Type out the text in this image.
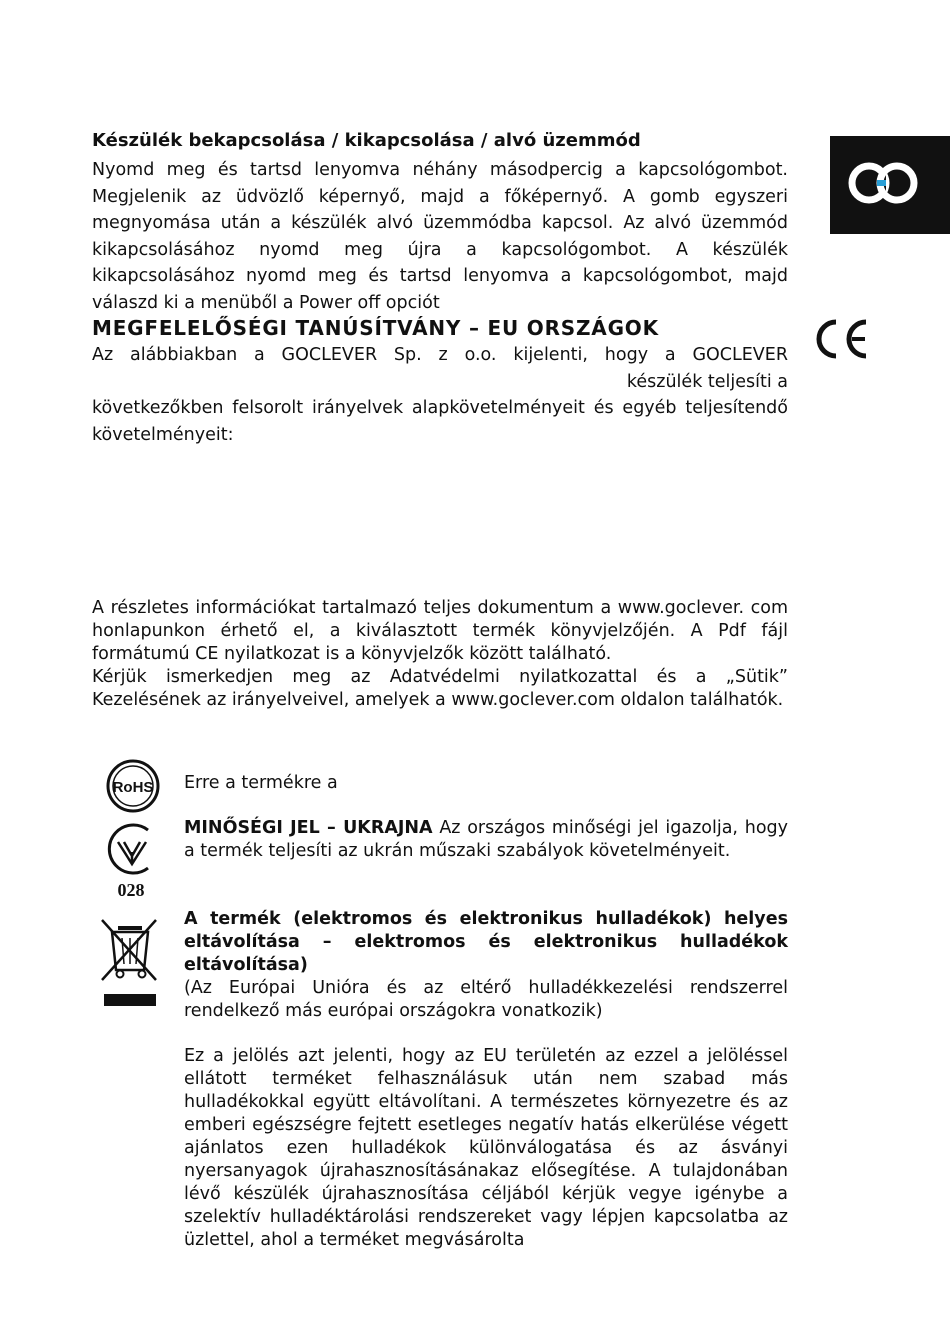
Készülék bekapcsolása / kikapcsolása / alvó üzemmód

Nyomd meg és tartsd lenyomva néhány másodpercig a kapcsológombot. Megjelenik az üdvözlő képernyő, majd a főképernyő. A gomb egyszeri megnyomása után a készülék alvó üzemmódba kapcsol. Az alvó üzemmód kikapcsolásához nyomd meg újra a kapcsológombot. A készülék kikapcsolásához nyomd meg és tartsd lenyomva a kapcsológombot, majd válaszd ki a menüből a Power off opciót

MEGFELELŐSÉGI TANÚSÍTVÁNY – EU ORSZÁGOK
Az alábbiakban a GOCLEVER Sp. z o.o. kijelenti, hogy a GOCLEVER
készülék teljesíti a
következőkben felsorolt irányelvek alapkövetelményeit és egyéb teljesítendő követelményeit:
A részletes információkat tartalmazó teljes dokumentum a www.goclever. com honlapunkon érhető el, a kiválasztott termék könyvjelzőjén. A Pdf fájl formátumú CE nyilatkozat is a könyvjelzők között található.
Kérjük ismerkedjen meg az Adatvédelmi nyilatkozattal és a „Sütik” Kezelésének az irányelveivel, amelyek a www.goclever.com oldalon találhatók.
RoHS Erre a termékre a

028

MINŐSÉGI JEL – UKRAJNA Az országos minőségi jel igazolja, hogy a termék teljesíti az ukrán műszaki szabályok követelményeit.

A termék (elektromos és elektronikus hulladékok) helyes eltávolítása – elektromos és elektronikus hulladékok eltávolítása)

(Az Európai Unióra és az eltérő hulladékkezelési rendszerrel rendelkező más európai országokra vonatkozik)

Ez a jelölés azt jelenti, hogy az EU területén az ezzel a jelöléssel ellátott terméket felhasználásuk után nem szabad más hulladékokkal együtt eltávolítani. A természetes környezetre és az emberi egészségre fejtett esetleges negatív hatás elkerülése végett ajánlatos ezen hulladékok különválogatása és az ásványi nyersanyagok újrahasznosításánakaz elősegítése. A tulajdonában lévő készülék újrahasznosítása céljából kérjük vegye igénybe a szelektív hulladéktárolási rendszereket vagy lépjen kapcsolatba az üzlettel, ahol a terméket megvásárolta
